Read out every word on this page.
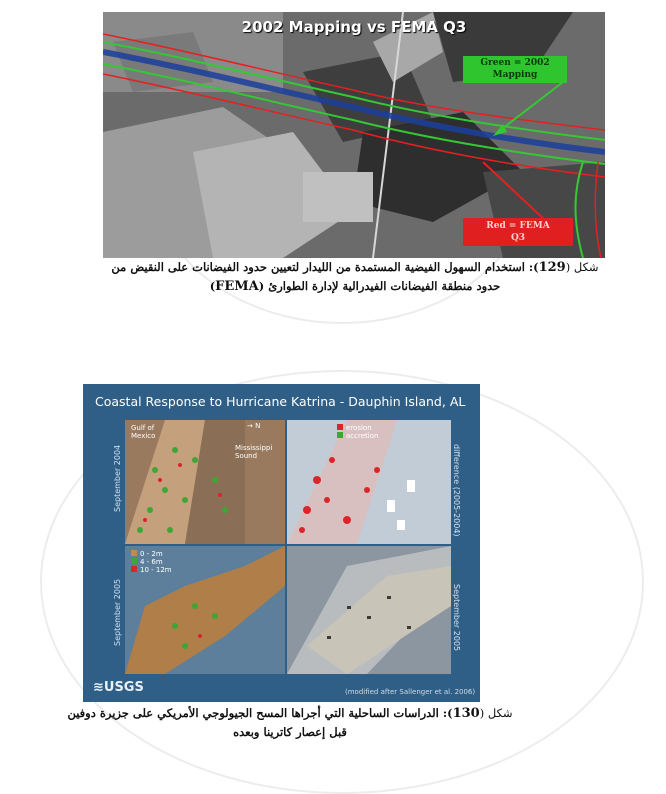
2002 Mapping vs FEMA Q3
Green = 2002
Mapping
Red = FEMA
Q3
شكل (129): استخدام السهول الفيضية المستمدة من الليدار لتعيين حدود الفيضانات على النقيض من
حدود منطقة الفيضانات الفيدرالية لإدارة الطوارئ (FEMA)
Coastal Response to Hurricane Katrina - Dauphin Island, AL
September 2004
September 2005
difference (2005-2004)
September 2005
Gulf of
Mexico
Mississippi
Sound
→ N	erosion
accretion
0 - 2m
4 - 6m
10 - 12m
≋USGS	(modified after Sallenger et al. 2006)
شكل (130): الدراسات الساحلية التي أجراها المسح الجيولوجي الأمريكي على جزيرة دوفين
قبل إعصار كاترينا وبعده
